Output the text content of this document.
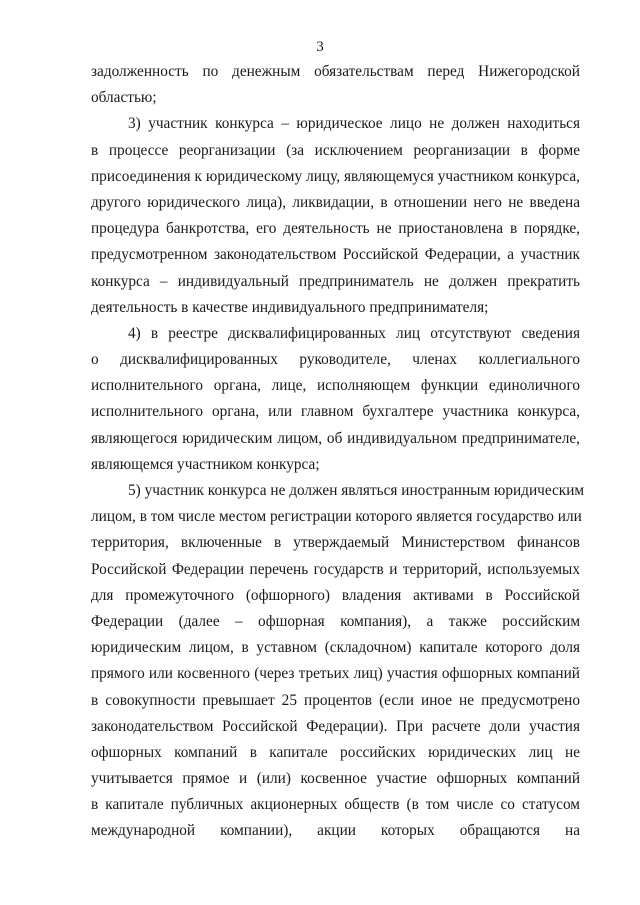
3
задолженность по денежным обязательствам перед Нижегородской
областью;
3) участник конкурса – юридическое лицо не должен находиться
в процессе реорганизации (за исключением реорганизации в форме
присоединения к юридическому лицу, являющемуся участником конкурса,
другого юридического лица), ликвидации, в отношении него не введена
процедура банкротства, его деятельность не приостановлена в порядке,
предусмотренном законодательством Российской Федерации, а участник
конкурса – индивидуальный предприниматель не должен прекратить
деятельность в качестве индивидуального предпринимателя;
4) в реестре дисквалифицированных лиц отсутствуют сведения
о дисквалифицированных руководителе, членах коллегиального
исполнительного органа, лице, исполняющем функции единоличного
исполнительного органа, или главном бухгалтере участника конкурса,
являющегося юридическим лицом, об индивидуальном предпринимателе,
являющемся участником конкурса;
5) участник конкурса не должен являться иностранным юридическим
лицом, в том числе местом регистрации которого является государство или
территория, включенные в утверждаемый Министерством финансов
Российской Федерации перечень государств и территорий, используемых
для промежуточного (офшорного) владения активами в Российской
Федерации (далее – офшорная компания), а также российским
юридическим лицом, в уставном (складочном) капитале которого доля
прямого или косвенного (через третьих лиц) участия офшорных компаний
в совокупности превышает 25 процентов (если иное не предусмотрено
законодательством Российской Федерации). При расчете доли участия
офшорных компаний в капитале российских юридических лиц не
учитывается прямое и (или) косвенное участие офшорных компаний
в капитале публичных акционерных обществ (в том числе со статусом
международной компании), акции которых обращаются на
